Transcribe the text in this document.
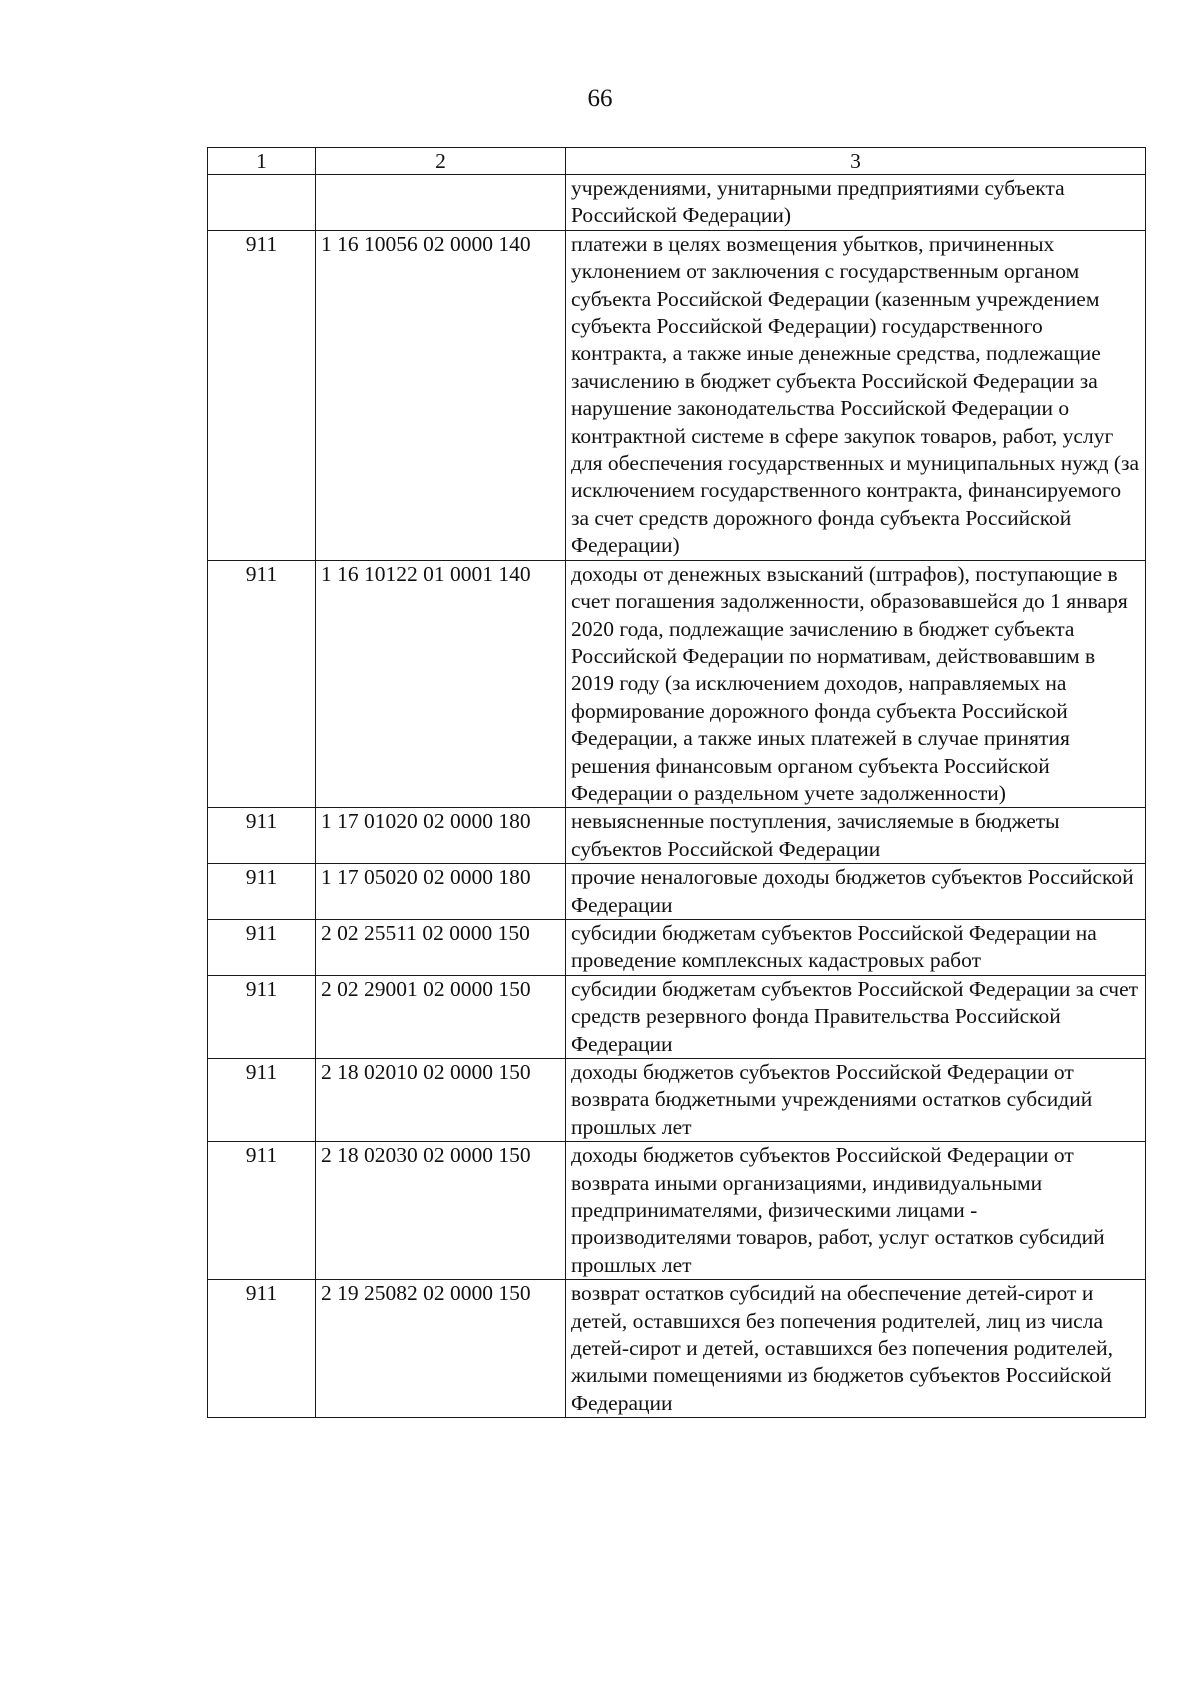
66
1	2	3
		учреждениями, унитарными предприятиями субъекта Российской Федерации)
911	1 16 10056 02 0000 140	платежи в целях возмещения убытков, причиненных уклонением от заключения с государственным органом субъекта Российской Федерации (казенным учреждением субъекта Российской Федерации) государственного контракта, а также иные денежные средства, подлежащие зачислению в бюджет субъекта Российской Федерации за нарушение законодательства Российской Федерации о контрактной системе в сфере закупок товаров, работ, услуг для обеспечения государственных и муниципальных нужд (за исключением государственного контракта, финансируемого за счет средств дорожного фонда субъекта Российской Федерации)
911	1 16 10122 01 0001 140	доходы от денежных взысканий (штрафов), поступающие в счет погашения задолженности, образовавшейся до 1 января 2020 года, подлежащие зачислению в бюджет субъекта Российской Федерации по нормативам, действовавшим в 2019 году (за исключением доходов, направляемых на формирование дорожного фонда субъекта Российской Федерации, а также иных платежей в случае принятия решения финансовым органом субъекта Российской Федерации о раздельном учете задолженности)
911	1 17 01020 02 0000 180	невыясненные поступления, зачисляемые в бюджеты субъектов Российской Федерации
911	1 17 05020 02 0000 180	прочие неналоговые доходы бюджетов субъектов Российской Федерации
911	2 02 25511 02 0000 150	субсидии бюджетам субъектов Российской Федерации на проведение комплексных кадастровых работ
911	2 02 29001 02 0000 150	субсидии бюджетам субъектов Российской Федерации за счет средств резервного фонда Правительства Российской Федерации
911	2 18 02010 02 0000 150	доходы бюджетов субъектов Российской Федерации от возврата бюджетными учреждениями остатков субсидий прошлых лет
911	2 18 02030 02 0000 150	доходы бюджетов субъектов Российской Федерации от возврата иными организациями, индивидуальными предпринимателями, физическими лицами - производителями товаров, работ, услуг остатков субсидий прошлых лет
911	2 19 25082 02 0000 150	возврат остатков субсидий на обеспечение детей-сирот и детей, оставшихся без попечения родителей, лиц из числа детей-сирот и детей, оставшихся без попечения родителей, жилыми помещениями из бюджетов субъектов Российской Федерации
